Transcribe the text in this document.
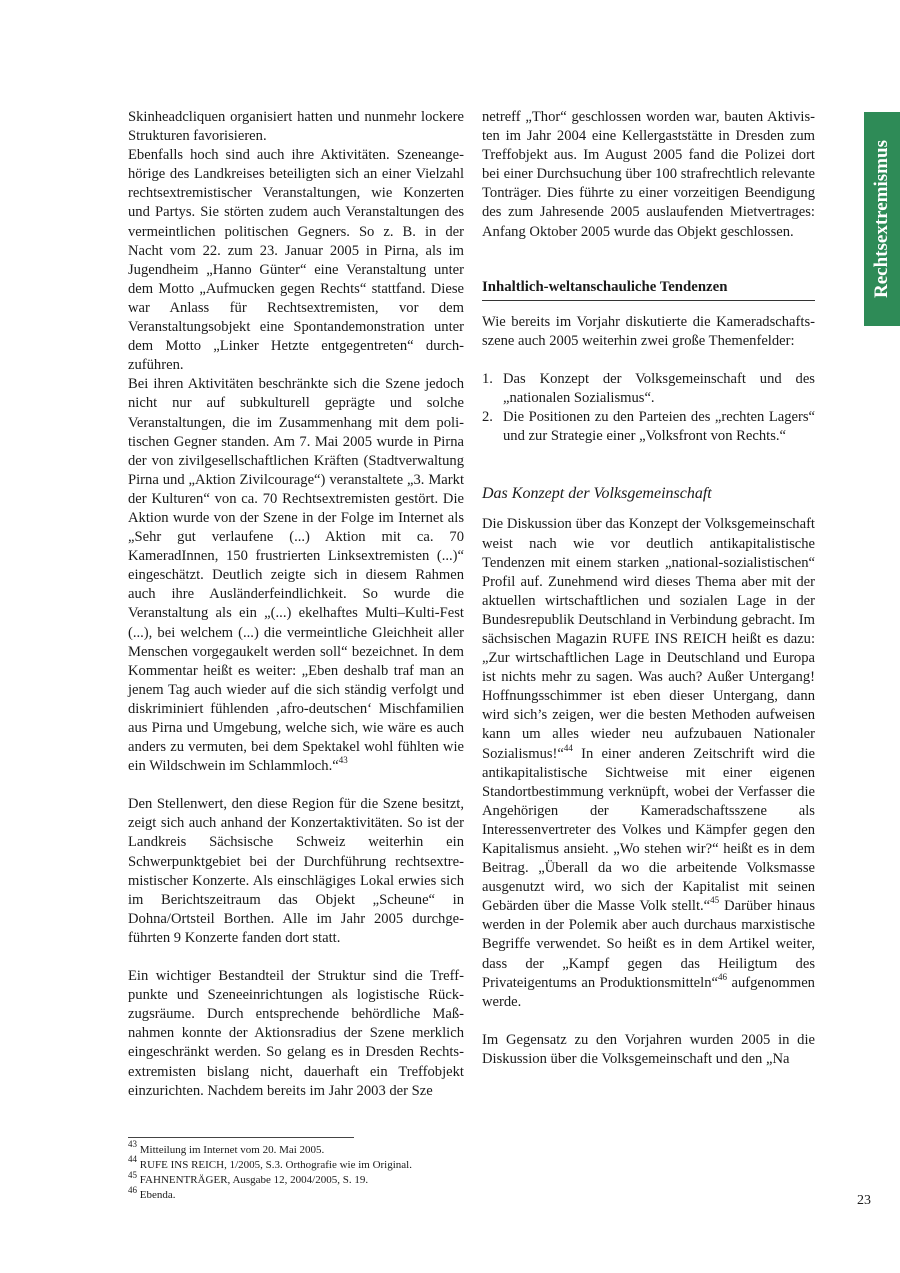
Rechtsextremismus

Skinheadcliquen organisiert hatten und nunmehr lockere Strukturen favorisieren.

Ebenfalls hoch sind auch ihre Aktivitäten. Szeneangehörige des Landkreises beteiligten sich an einer Vielzahl rechtsextremistischer Veranstaltungen, wie Konzerten und Partys. Sie störten zudem auch Veranstaltungen des vermeintlichen politischen Gegners. So z. B. in der Nacht vom 22. zum 23. Januar 2005 in Pirna, als im Jugendheim „Hanno Günter“ eine Veranstaltung unter dem Motto „Aufmucken gegen Rechts“ stattfand. Diese war Anlass für Rechtsextremisten, vor dem Veranstaltungsobjekt eine Spontandemonstration unter dem Motto „Linker Hetzte entgegentreten“ durchzuführen.

Bei ihren Aktivitäten beschränkte sich die Szene jedoch nicht nur auf subkulturell geprägte und solche Veranstaltungen, die im Zusammenhang mit dem politischen Gegner standen. Am 7. Mai 2005 wurde in Pirna der von zivilgesellschaftlichen Kräften (Stadtverwaltung Pirna und „Aktion Zivilcourage“) veranstaltete „3. Markt der Kulturen“ von ca. 70 Rechtsextremisten gestört. Die Aktion wurde von der Szene in der Folge im Internet als „Sehr gut verlaufene (...) Aktion mit ca. 70 KameradInnen, 150 frustrierten Linksextremisten (...)“ eingeschätzt. Deutlich zeigte sich in diesem Rahmen auch ihre Ausländerfeindlichkeit. So wurde die Veranstaltung als ein „(...) ekelhaftes Multi–Kulti-Fest (...), bei welchem (...) die vermeintliche Gleichheit aller Menschen vorgegaukelt werden soll“ bezeichnet. In dem Kommentar heißt es weiter: „Eben deshalb traf man an jenem Tag auch wieder auf die sich ständig verfolgt und diskriminiert fühlenden ‚afro-deutschen‘ Mischfamilien aus Pirna und Umgebung, welche sich, wie wäre es auch anders zu vermuten, bei dem Spektakel wohl fühlten wie ein Wildschwein im Schlammloch.“$^{43}$

Den Stellenwert, den diese Region für die Szene besitzt, zeigt sich auch anhand der Konzertaktivitäten. So ist der Landkreis Sächsische Schweiz weiterhin ein Schwerpunktgebiet bei der Durchführung rechtsextremistischer Konzerte. Als einschlägiges Lokal erwies sich im Berichtszeitraum das Objekt „Scheune“ in Dohna/Ortsteil Borthen. Alle im Jahr 2005 durchgeführten 9 Konzerte fanden dort statt.

Ein wichtiger Bestandteil der Struktur sind die Treffpunkte und Szeneeinrichtungen als logistische Rückzugsräume. Durch entsprechende behördliche Maßnahmen konnte der Aktionsradius der Szene merklich eingeschränkt werden. So gelang es in Dresden Rechtsextremisten bislang nicht, dauerhaft ein Treffobjekt einzurichten. Nachdem bereits im Jahr 2003 der Sze

netreff „Thor“ geschlossen worden war, bauten Aktivisten im Jahr 2004 eine Kellergaststätte in Dresden zum Treffobjekt aus. Im August 2005 fand die Polizei dort bei einer Durchsuchung über 100 strafrechtlich relevante Tonträger. Dies führte zu einer vorzeitigen Beendigung des zum Jahresende 2005 auslaufenden Mietvertrages: Anfang Oktober 2005 wurde das Objekt geschlossen.

Inhaltlich-weltanschauliche Tendenzen

Wie bereits im Vorjahr diskutierte die Kameradschaftsszene auch 2005 weiterhin zwei große Themenfelder:

1. Das Konzept der Volksgemeinschaft und des „nationalen Sozialismus“.
2. Die Positionen zu den Parteien des „rechten Lagers“ und zur Strategie einer „Volksfront von Rechts.“

Das Konzept der Volksgemeinschaft

Die Diskussion über das Konzept der Volksgemeinschaft weist nach wie vor deutlich antikapitalistische Tendenzen mit einem starken „national-sozialistischen“ Profil auf. Zunehmend wird dieses Thema aber mit der aktuellen wirtschaftlichen und sozialen Lage in der Bundesrepublik Deutschland in Verbindung gebracht. Im sächsischen Magazin RUFE INS REICH heißt es dazu: „Zur wirtschaftlichen Lage in Deutschland und Europa ist nichts mehr zu sagen. Was auch? Außer Untergang! Hoffnungsschimmer ist eben dieser Untergang, dann wird sich’s zeigen, wer die besten Methoden aufweisen kann um alles wieder neu aufzubauen Nationaler Sozialismus!“$^{44}$ In einer anderen Zeitschrift wird die antikapitalistische Sichtweise mit einer eigenen Standortbestimmung verknüpft, wobei der Verfasser die Angehörigen der Kameradschaftsszene als Interessenvertreter des Volkes und Kämpfer gegen den Kapitalismus ansieht. „Wo stehen wir?“ heißt es in dem Beitrag. „Überall da wo die arbeitende Volksmasse ausgenutzt wird, wo sich der Kapitalist mit seinen Gebärden über die Masse Volk stellt.“$^{45}$ Darüber hinaus werden in der Polemik aber auch durchaus marxistische Begriffe verwendet. So heißt es in dem Artikel weiter, dass der „Kampf gegen das Heiligtum des Privateigentums an Produktionsmitteln“$^{46}$ aufgenommen werde.

Im Gegensatz zu den Vorjahren wurden 2005 in die Diskussion über die Volksgemeinschaft und den „Na

$^{43}$ Mitteilung im Internet vom 20. Mai 2005.
$^{44}$ RUFE INS REICH, 1/2005, S.3. Orthografie wie im Original.
$^{45}$ FAHNENTRÄGER, Ausgabe 12, 2004/2005, S. 19.
$^{46}$ Ebenda.	23
